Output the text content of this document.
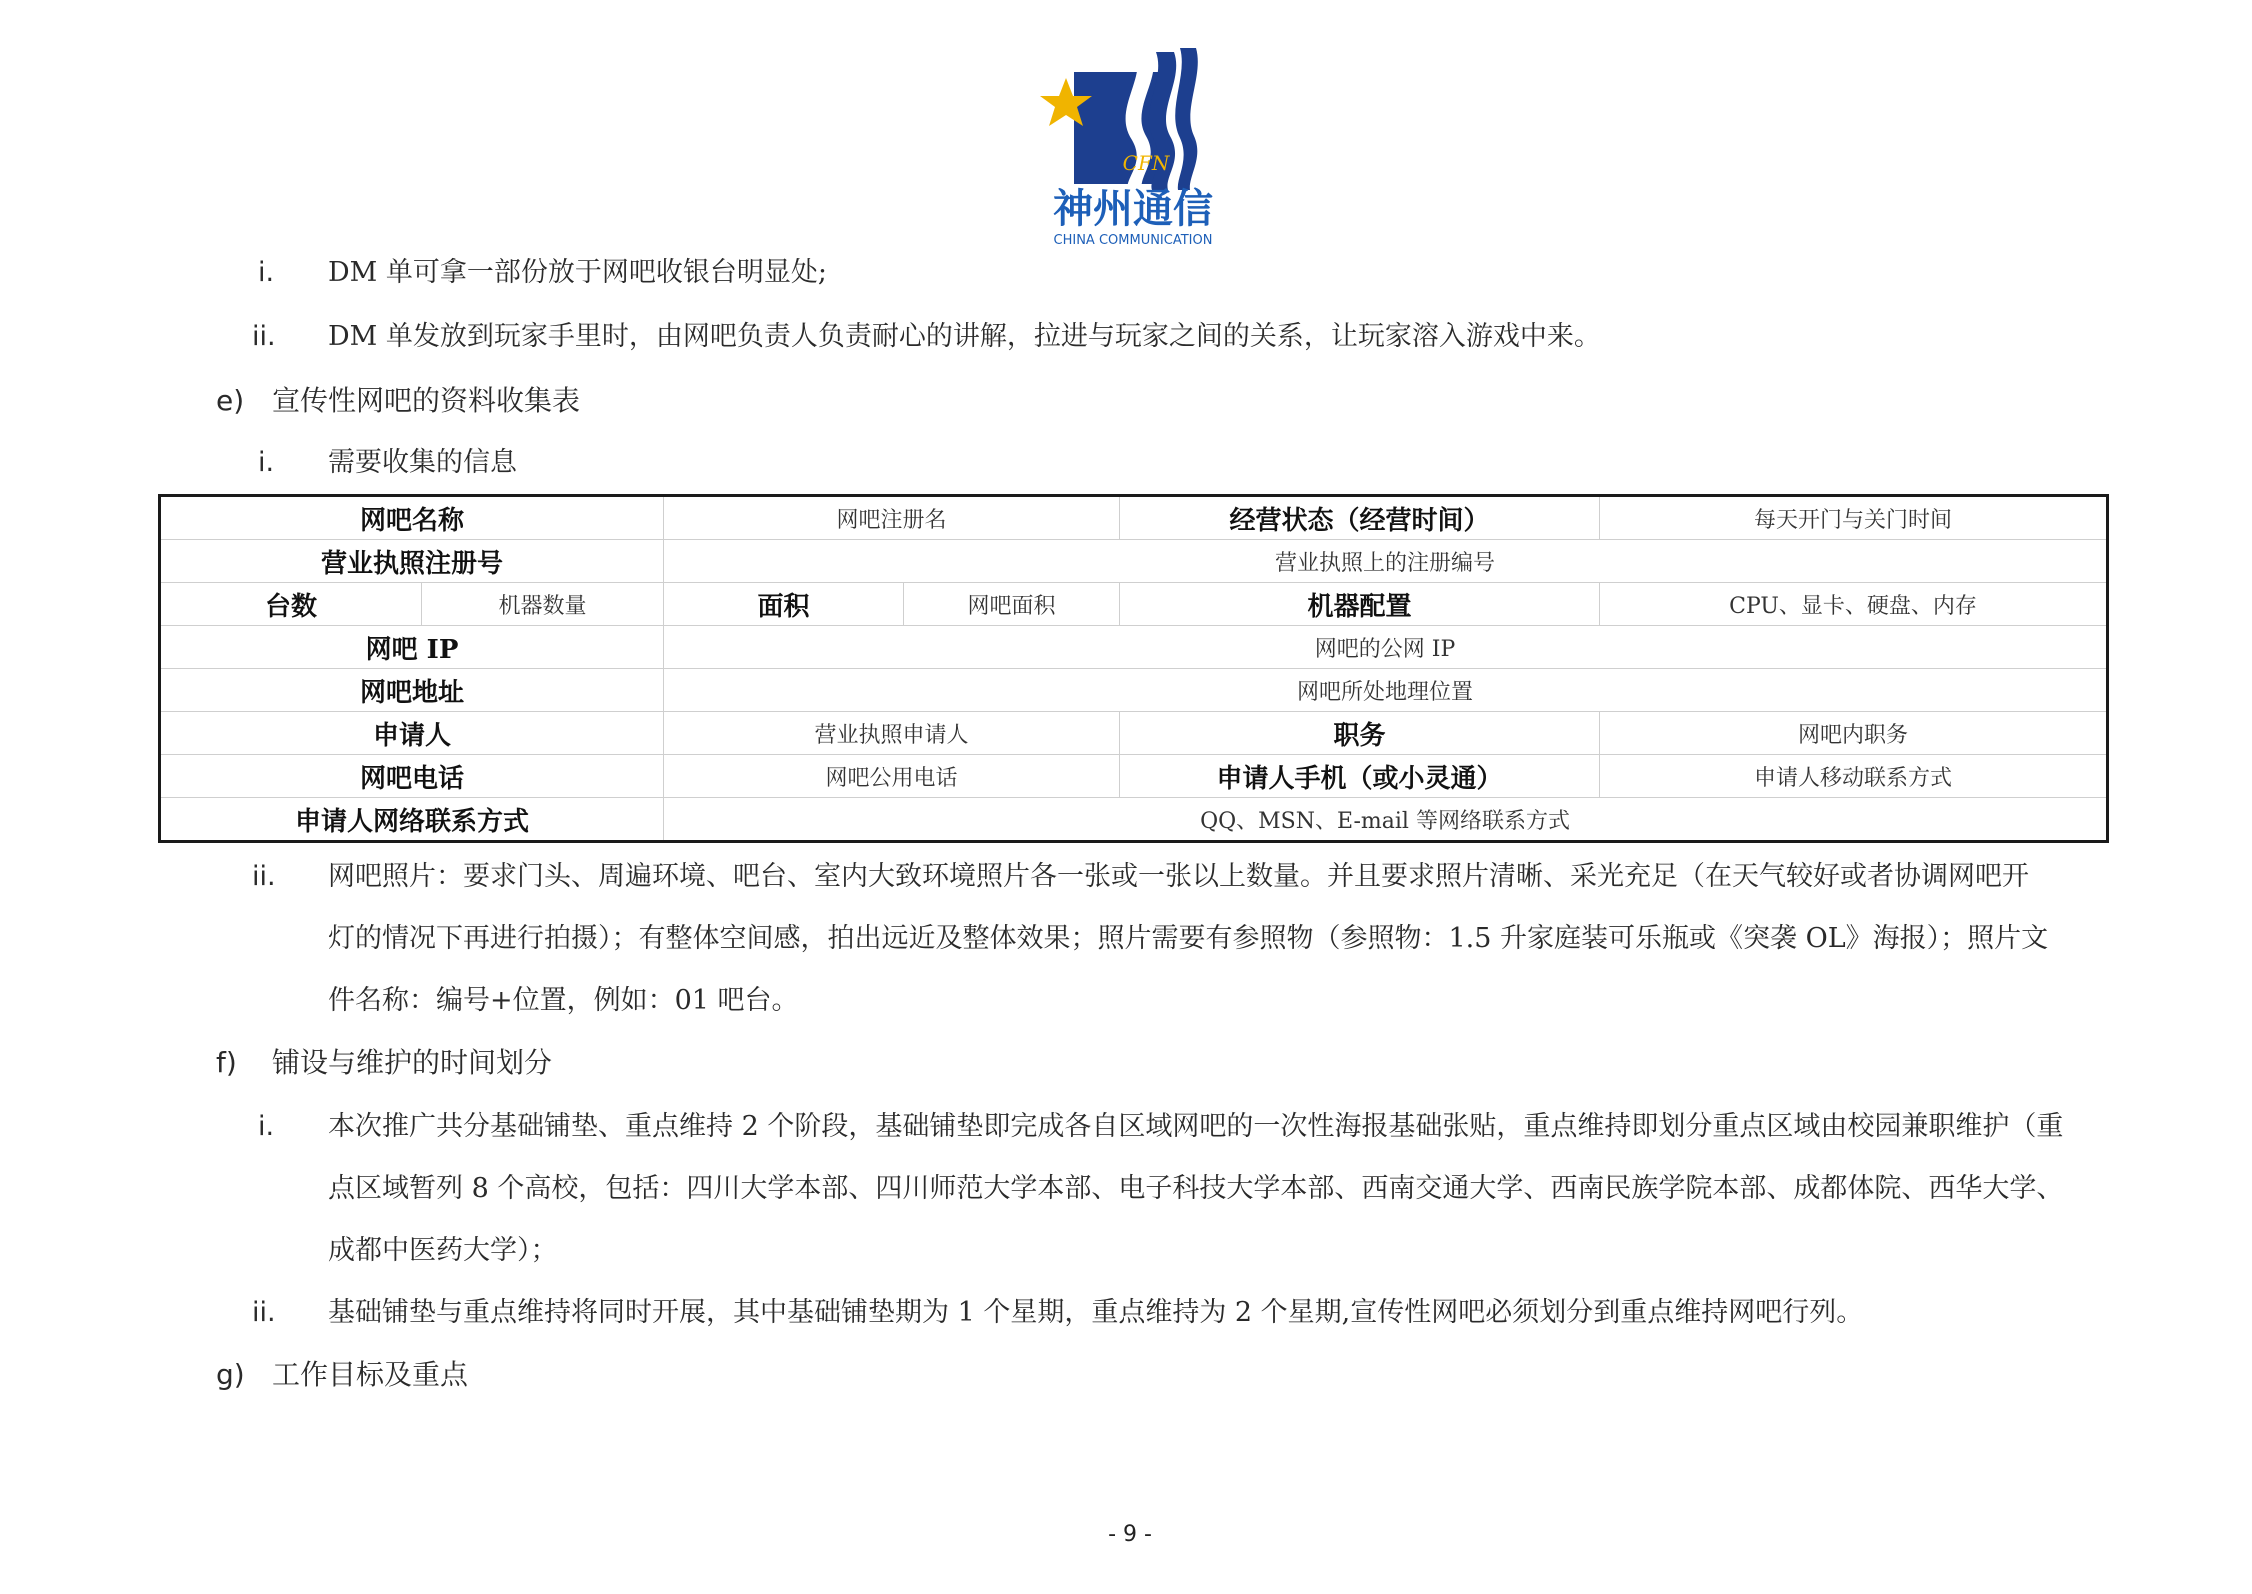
CFN
神州通信
CHINA COMMUNICATION
i. DM 单可拿一部份放于网吧收银台明显处;
ii. DM 单发放到玩家手里时，由网吧负责人负责耐心的讲解，拉进与玩家之间的关系，让玩家溶入游戏中来。
e) 宣传性网吧的资料收集表
i. 需要收集的信息
网吧名称		网吧注册名		经营状态（经营时间）	每天开门与关门时间
营业执照注册号		营业执照上的注册编号			
台数	机器数量	面积	网吧面积	机器配置	CPU、显卡、硬盘、内存
网吧 IP		网吧的公网 IP			
网吧地址		网吧所处地理位置			
申请人		营业执照申请人		职务	网吧内职务
网吧电话		网吧公用电话		申请人手机（或小灵通）	申请人移动联系方式
申请人网络联系方式		QQ、MSN、E-mail 等网络联系方式			
ii. 网吧照片：要求门头、周遍环境、吧台、室内大致环境照片各一张或一张以上数量。并且要求照片清晰、采光充足（在天气较好或者协调网吧开
灯的情况下再进行拍摄）；有整体空间感，拍出远近及整体效果；照片需要有参照物（参照物：1.5 升家庭装可乐瓶或《突袭 OL》海报）；照片文
件名称：编号+位置，例如：01 吧台。
f) 铺设与维护的时间划分
i. 本次推广共分基础铺垫、重点维持 2 个阶段，基础铺垫即完成各自区域网吧的一次性海报基础张贴，重点维持即划分重点区域由校园兼职维护（重
点区域暂列 8 个高校，包括：四川大学本部、四川师范大学本部、电子科技大学本部、西南交通大学、西南民族学院本部、成都体院、西华大学、
成都中医药大学）；
ii. 基础铺垫与重点维持将同时开展，其中基础铺垫期为 1 个星期，重点维持为 2 个星期,宣传性网吧必须划分到重点维持网吧行列。
g) 工作目标及重点
- 9 -
